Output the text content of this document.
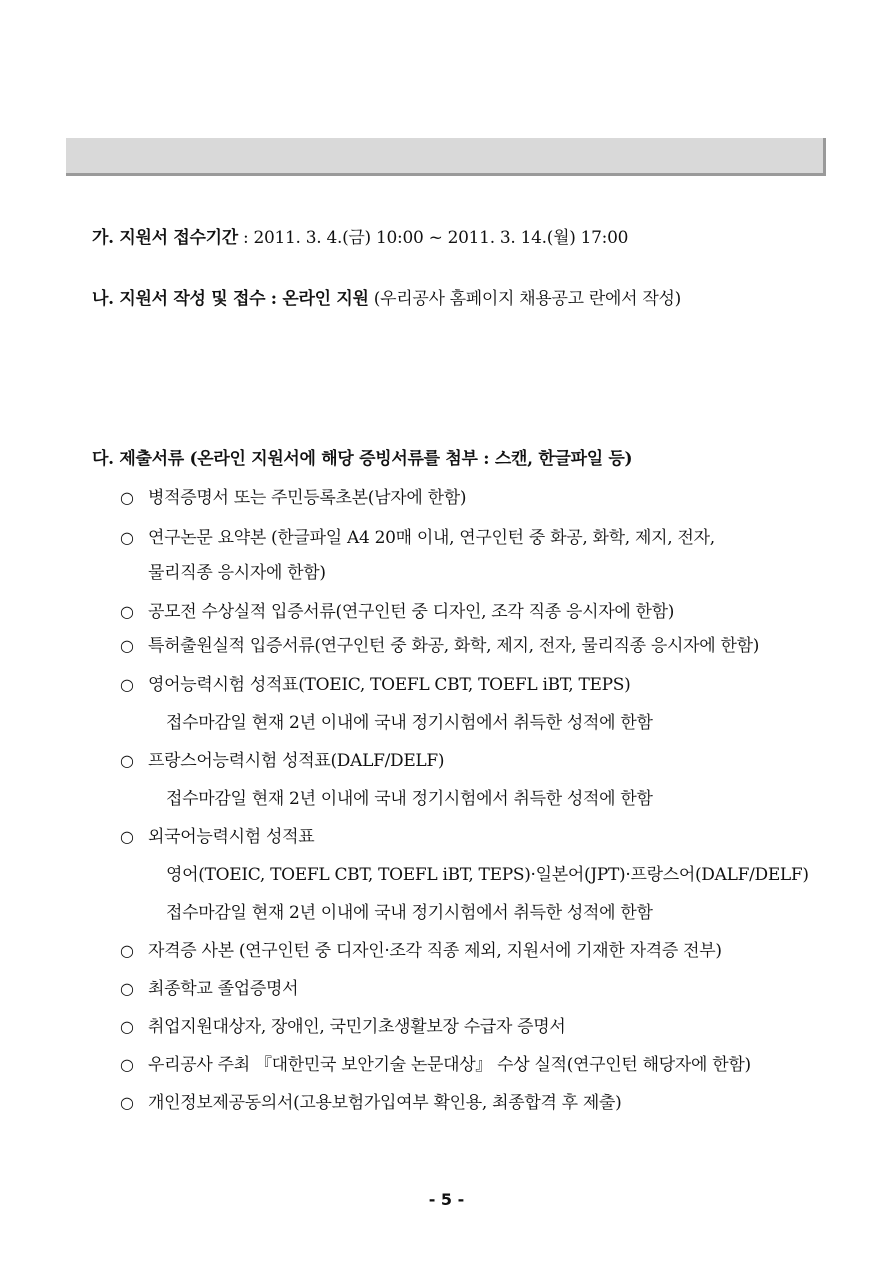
가. 지원서 접수기간 : 2011. 3. 4.(금) 10:00 ~ 2011. 3. 14.(월) 17:00
나. 지원서 작성 및 접수 : 온라인 지원 (우리공사 홈페이지 채용공고 란에서 작성)
다. 제출서류 (온라인 지원서에 해당 증빙서류를 첨부 : 스캔, 한글파일 등)
○ 병적증명서 또는 주민등록초본(남자에 한함)
○ 연구논문 요약본 (한글파일 A4 20매 이내, 연구인턴 중 화공, 화학, 제지, 전자,
물리직종 응시자에 한함)
○ 공모전 수상실적 입증서류(연구인턴 중 디자인, 조각 직종 응시자에 한함)
○ 특허출원실적 입증서류(연구인턴 중 화공, 화학, 제지, 전자, 물리직종 응시자에 한함)
○ 영어능력시험 성적표(TOEIC, TOEFL CBT, TOEFL iBT, TEPS)
접수마감일 현재 2년 이내에 국내 정기시험에서 취득한 성적에 한함
○ 프랑스어능력시험 성적표(DALF/DELF)
접수마감일 현재 2년 이내에 국내 정기시험에서 취득한 성적에 한함
○ 외국어능력시험 성적표
영어(TOEIC, TOEFL CBT, TOEFL iBT, TEPS)·일본어(JPT)·프랑스어(DALF/DELF)
접수마감일 현재 2년 이내에 국내 정기시험에서 취득한 성적에 한함
○ 자격증 사본 (연구인턴 중 디자인·조각 직종 제외, 지원서에 기재한 자격증 전부)
○ 최종학교 졸업증명서
○ 취업지원대상자, 장애인, 국민기초생활보장 수급자 증명서
○ 우리공사 주최 『대한민국 보안기술 논문대상』 수상 실적(연구인턴 해당자에 한함)
○ 개인정보제공동의서(고용보험가입여부 확인용, 최종합격 후 제출)
- 5 -
